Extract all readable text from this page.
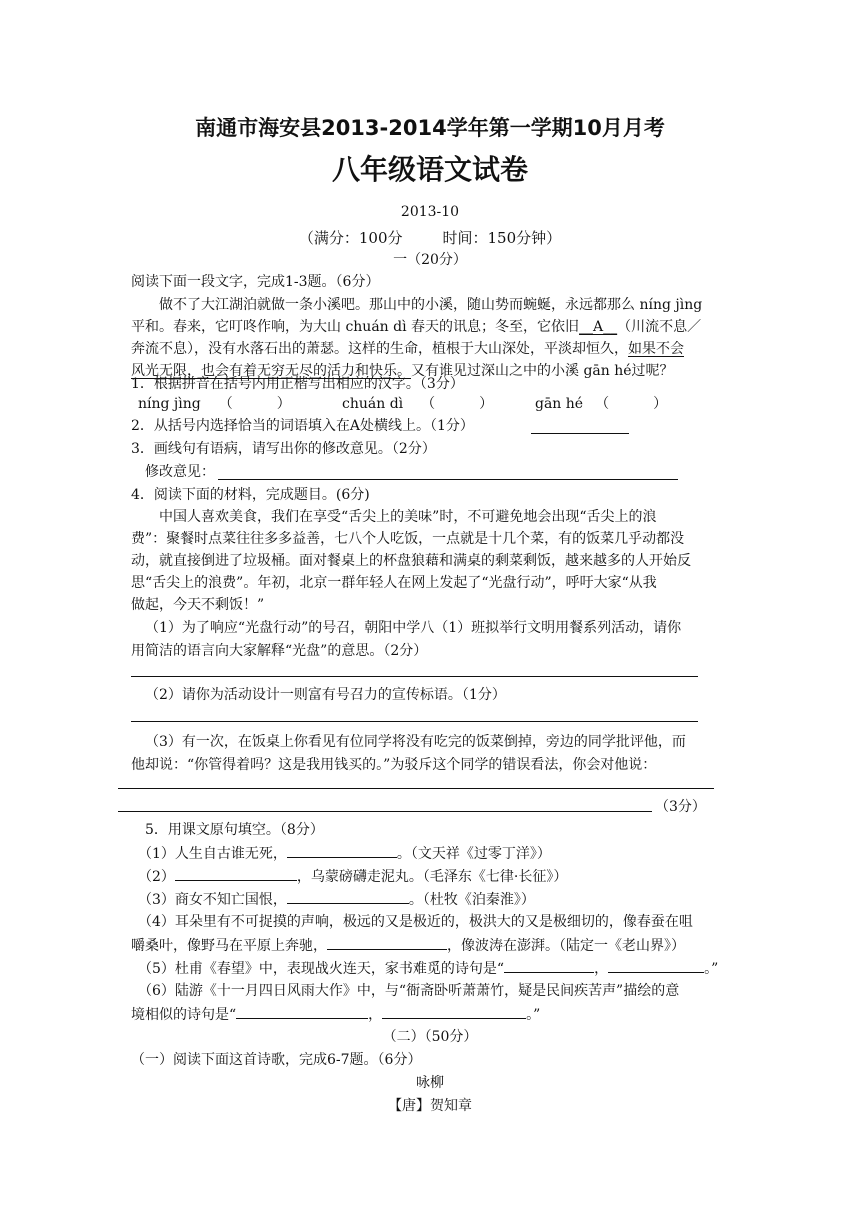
南通市海安县2013-2014学年第一学期10月月考
八年级语文试卷
2013-10
（满分：100分	时间：150分钟）
一（20分）
阅读下面一段文字，完成1-3题。（6分）
做不了大江湖泊就做一条小溪吧。那山中的小溪，随山势而蜿蜒，永远都那么 níng jìng
平和。春来，它叮咚作响，为大山 chuán dì 春天的讯息；冬至，它依旧__A__（川流不息／
奔流不息），没有水落石出的萧瑟。这样的生命，植根于大山深处，平淡却恒久，如果不会
风光无限，也会有着无穷无尽的活力和快乐。又有谁见过深山之中的小溪 gān hé过呢？
1．根据拼音在括号内用正楷写出相应的汉字。（3分）
níng jìng （	）	chuán dì （	）	gān hé （	）
2．从括号内选择恰当的词语填入在A处横线上。（1分）
3．画线句有语病，请写出你的修改意见。（2分）
修改意见：
4．阅读下面的材料，完成题目。(6分)
中国人喜欢美食，我们在享受“舌尖上的美味”时，不可避免地会出现“舌尖上的浪
费”：聚餐时点菜往往多多益善，七八个人吃饭，一点就是十几个菜，有的饭菜几乎动都没
动，就直接倒进了垃圾桶。面对餐桌上的杯盘狼藉和满桌的剩菜剩饭，越来越多的人开始反
思“舌尖上的浪费”。年初，北京一群年轻人在网上发起了“光盘行动”，呼吁大家“从我
做起，今天不剩饭！”
（1）为了响应“光盘行动”的号召，朝阳中学八（1）班拟举行文明用餐系列活动，请你
用简洁的语言向大家解释“光盘”的意思。（2分）
（2）请你为活动设计一则富有号召力的宣传标语。（1分）
（3）有一次，在饭桌上你看见有位同学将没有吃完的饭菜倒掉，旁边的同学批评他，而
他却说：“你管得着吗？这是我用钱买的。”为驳斥这个同学的错误看法，你会对他说：
（3分）
5．用课文原句填空。（8分）
（1）人生自古谁无死，	。（文天祥《过零丁洋》）
（2）	，乌蒙磅礴走泥丸。（毛泽东《七律·长征》）
（3）商女不知亡国恨，	。（杜牧《泊秦淮》）
（4）耳朵里有不可捉摸的声响，极远的又是极近的，极洪大的又是极细切的，像春蚕在咀
嚼桑叶，像野马在平原上奔驰，	，像波涛在澎湃。（陆定一《老山界》）
（5）杜甫《春望》中，表现战火连天，家书难觅的诗句是“	，	。”
（6）陆游《十一月四日风雨大作》中，与“衙斋卧听萧萧竹，疑是民间疾苦声”描绘的意
境相似的诗句是“	，	。”
（二）（50分）
（一）阅读下面这首诗歌，完成6-7题。（6分）
咏柳
【唐】贺知章
